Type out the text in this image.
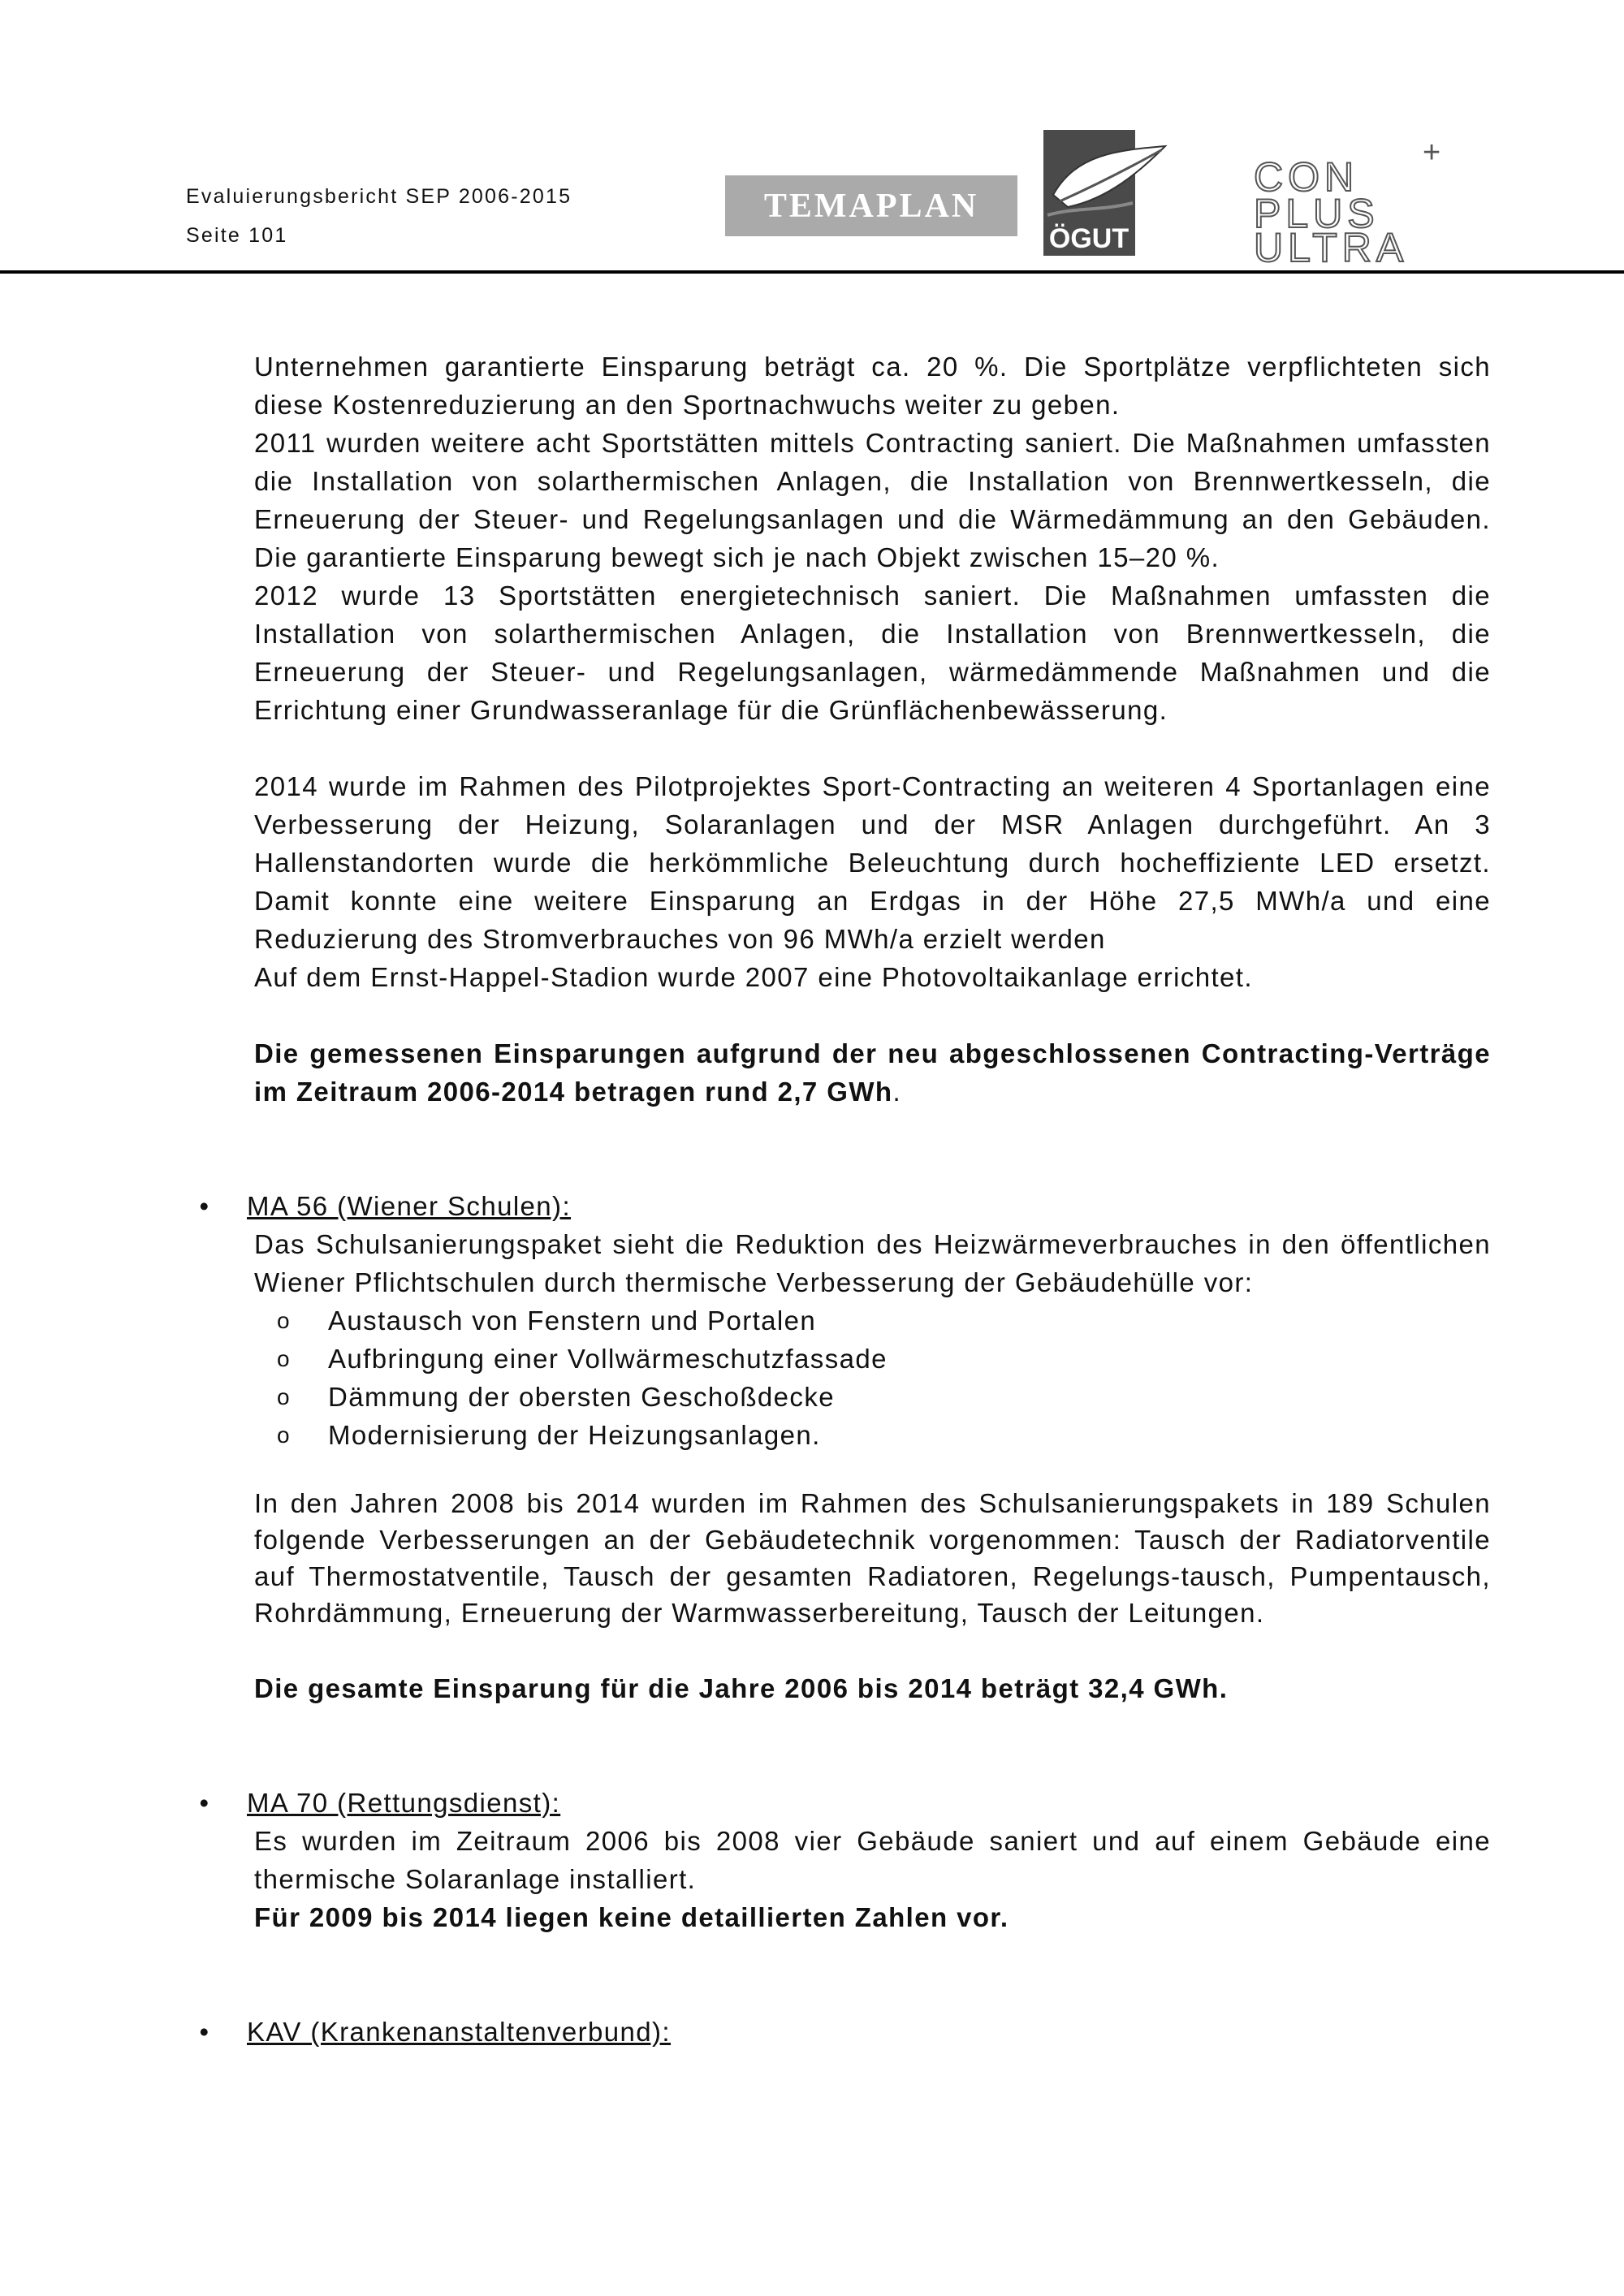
Evaluierungsbericht SEP 2006-2015
Seite 101
TEMAPLAN
ÖGUT
+
CON
PLUS
ULTRA

Unternehmen garantierte Einsparung beträgt ca. 20 %. Die Sportplätze verpflichteten sich diese Kostenreduzierung an den Sportnachwuchs weiter zu geben.

2011 wurden weitere acht Sportstätten mittels Contracting saniert. Die Maßnahmen umfassten die Installation von solarthermischen Anlagen, die Installation von Brennwertkesseln, die Erneuerung der Steuer- und Regelungsanlagen und die Wärmedämmung an den Gebäuden. Die garantierte Einsparung bewegt sich je nach Objekt zwischen 15–20 %.

2012 wurde 13 Sportstätten energietechnisch saniert. Die Maßnahmen umfassten die Installation von solarthermischen Anlagen, die Installation von Brennwertkesseln, die Erneuerung der Steuer- und Regelungsanlagen, wärmedämmende Maßnahmen und die Errichtung einer Grundwasseranlage für die Grünflächenbewässerung.

2014 wurde im Rahmen des Pilotprojektes Sport-Contracting an weiteren 4 Sportanlagen eine Verbesserung der Heizung, Solaranlagen und der MSR Anlagen durchgeführt. An 3 Hallenstandorten wurde die herkömmliche Beleuchtung durch hocheffiziente LED ersetzt. Damit konnte eine weitere Einsparung an Erdgas in der Höhe 27,5 MWh/a und eine Reduzierung des Stromverbrauches von 96 MWh/a erzielt werden

Auf dem Ernst-Happel-Stadion wurde 2007 eine Photovoltaikanlage errichtet.

Die gemessenen Einsparungen aufgrund der neu abgeschlossenen Contracting-Verträge im Zeitraum 2006-2014 betragen rund 2,7 GWh.

•	MA 56 (Wiener Schulen):

Das Schulsanierungspaket sieht die Reduktion des Heizwärmeverbrauches in den öffentlichen Wiener Pflichtschulen durch thermische Verbesserung der Gebäudehülle vor:

o Austausch von Fenstern und Portalen
o Aufbringung einer Vollwärmeschutzfassade
o Dämmung der obersten Geschoßdecke
o Modernisierung der Heizungsanlagen.

In den Jahren 2008 bis 2014 wurden im Rahmen des Schulsanierungspakets in 189 Schulen folgende Verbesserungen an der Gebäudetechnik vorgenommen: Tausch der Radiatorventile auf Thermostatventile, Tausch der gesamten Radiatoren, Regelungs-tausch, Pumpentausch, Rohrdämmung, Erneuerung der Warmwasserbereitung, Tausch der Leitungen.

Die gesamte Einsparung für die Jahre 2006 bis 2014 beträgt 32,4 GWh.

•	MA 70 (Rettungsdienst):

Es wurden im Zeitraum 2006 bis 2008 vier Gebäude saniert und auf einem Gebäude eine thermische Solaranlage installiert.

Für 2009 bis 2014 liegen keine detaillierten Zahlen vor.

•	KAV (Krankenanstaltenverbund):
